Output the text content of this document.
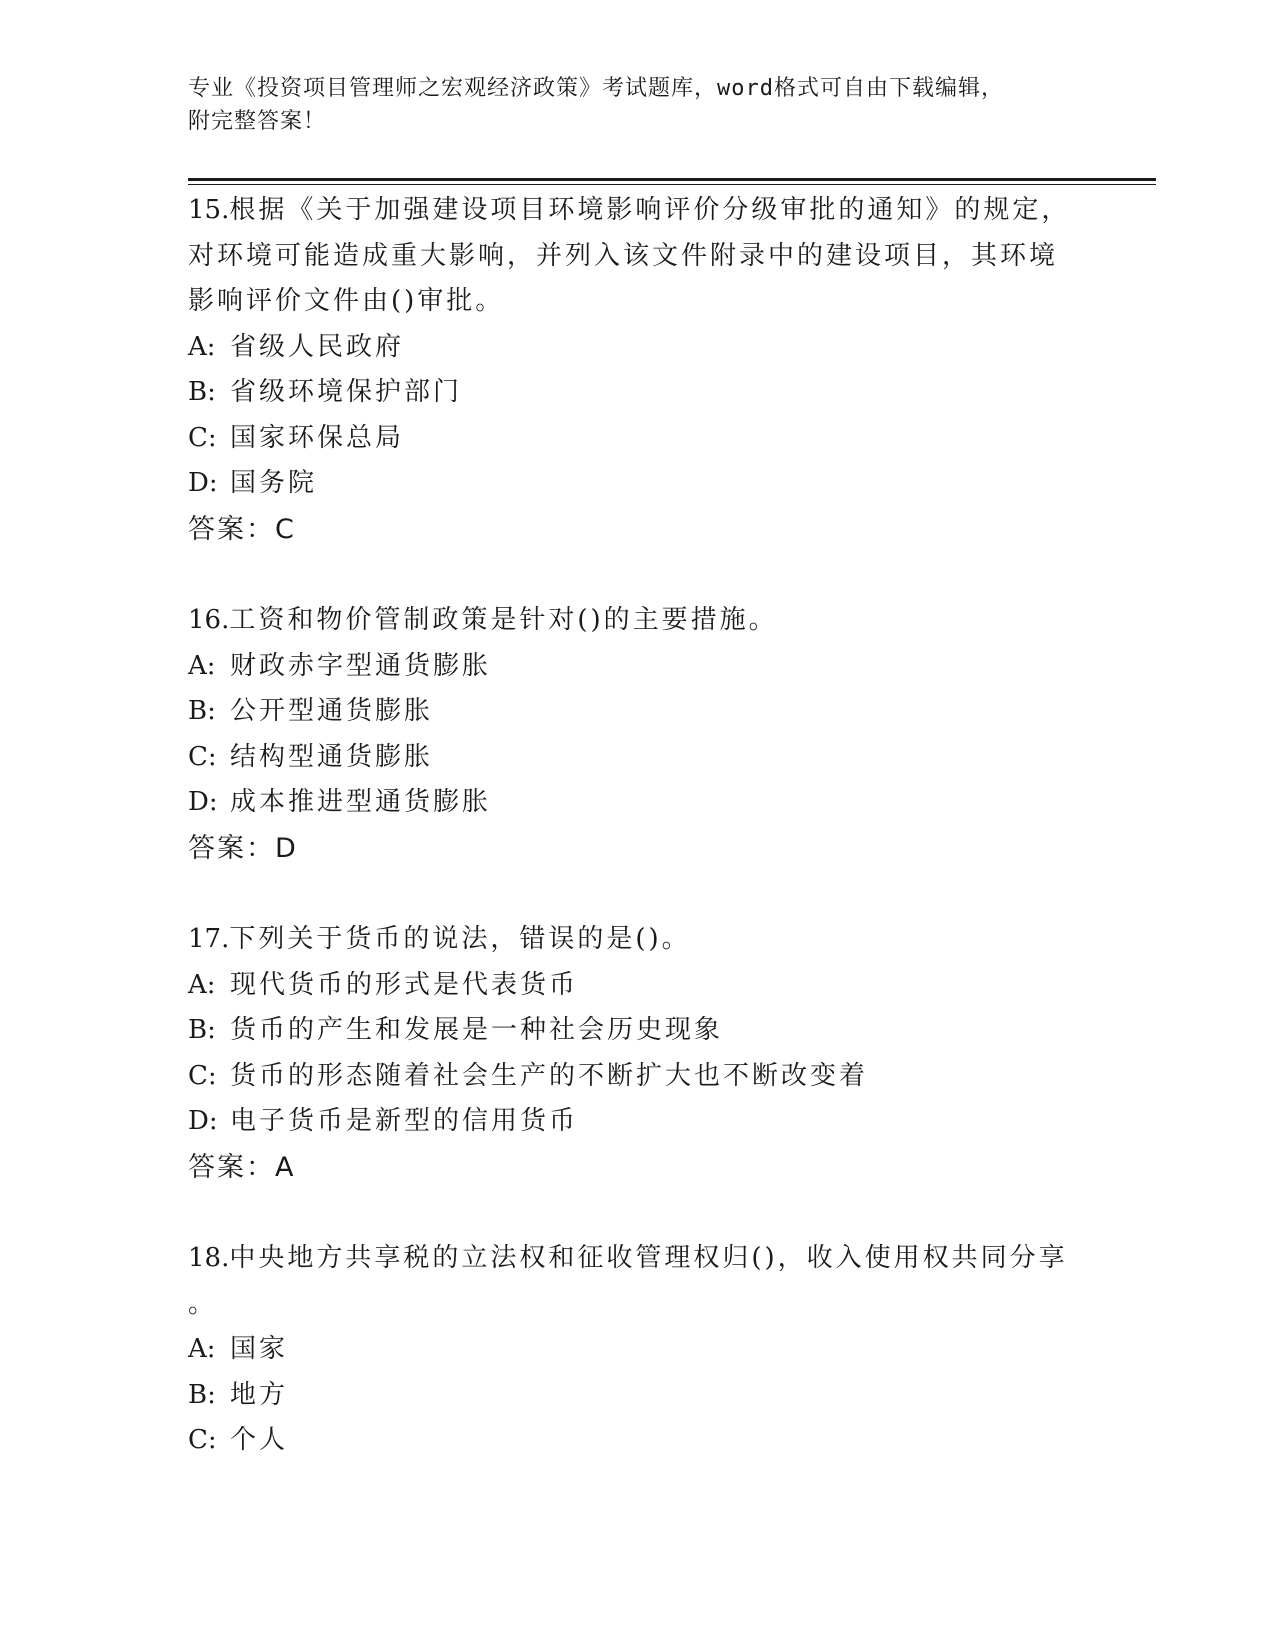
专业《投资项目管理师之宏观经济政策》考试题库，word格式可自由下载编辑，
附完整答案！
15.根据《关于加强建设项目环境影响评价分级审批的通知》的规定，
对环境可能造成重大影响，并列入该文件附录中的建设项目，其环境
影响评价文件由()审批。
A: 省级人民政府
B: 省级环境保护部门
C: 国家环保总局
D: 国务院
答案：C
16.工资和物价管制政策是针对()的主要措施。
A: 财政赤字型通货膨胀
B: 公开型通货膨胀
C: 结构型通货膨胀
D: 成本推进型通货膨胀
答案：D
17.下列关于货币的说法，错误的是()。
A: 现代货币的形式是代表货币
B: 货币的产生和发展是一种社会历史现象
C: 货币的形态随着社会生产的不断扩大也不断改变着
D: 电子货币是新型的信用货币
答案：A
18.中央地方共享税的立法权和征收管理权归()，收入使用权共同分享
。
A: 国家
B: 地方
C: 个人
